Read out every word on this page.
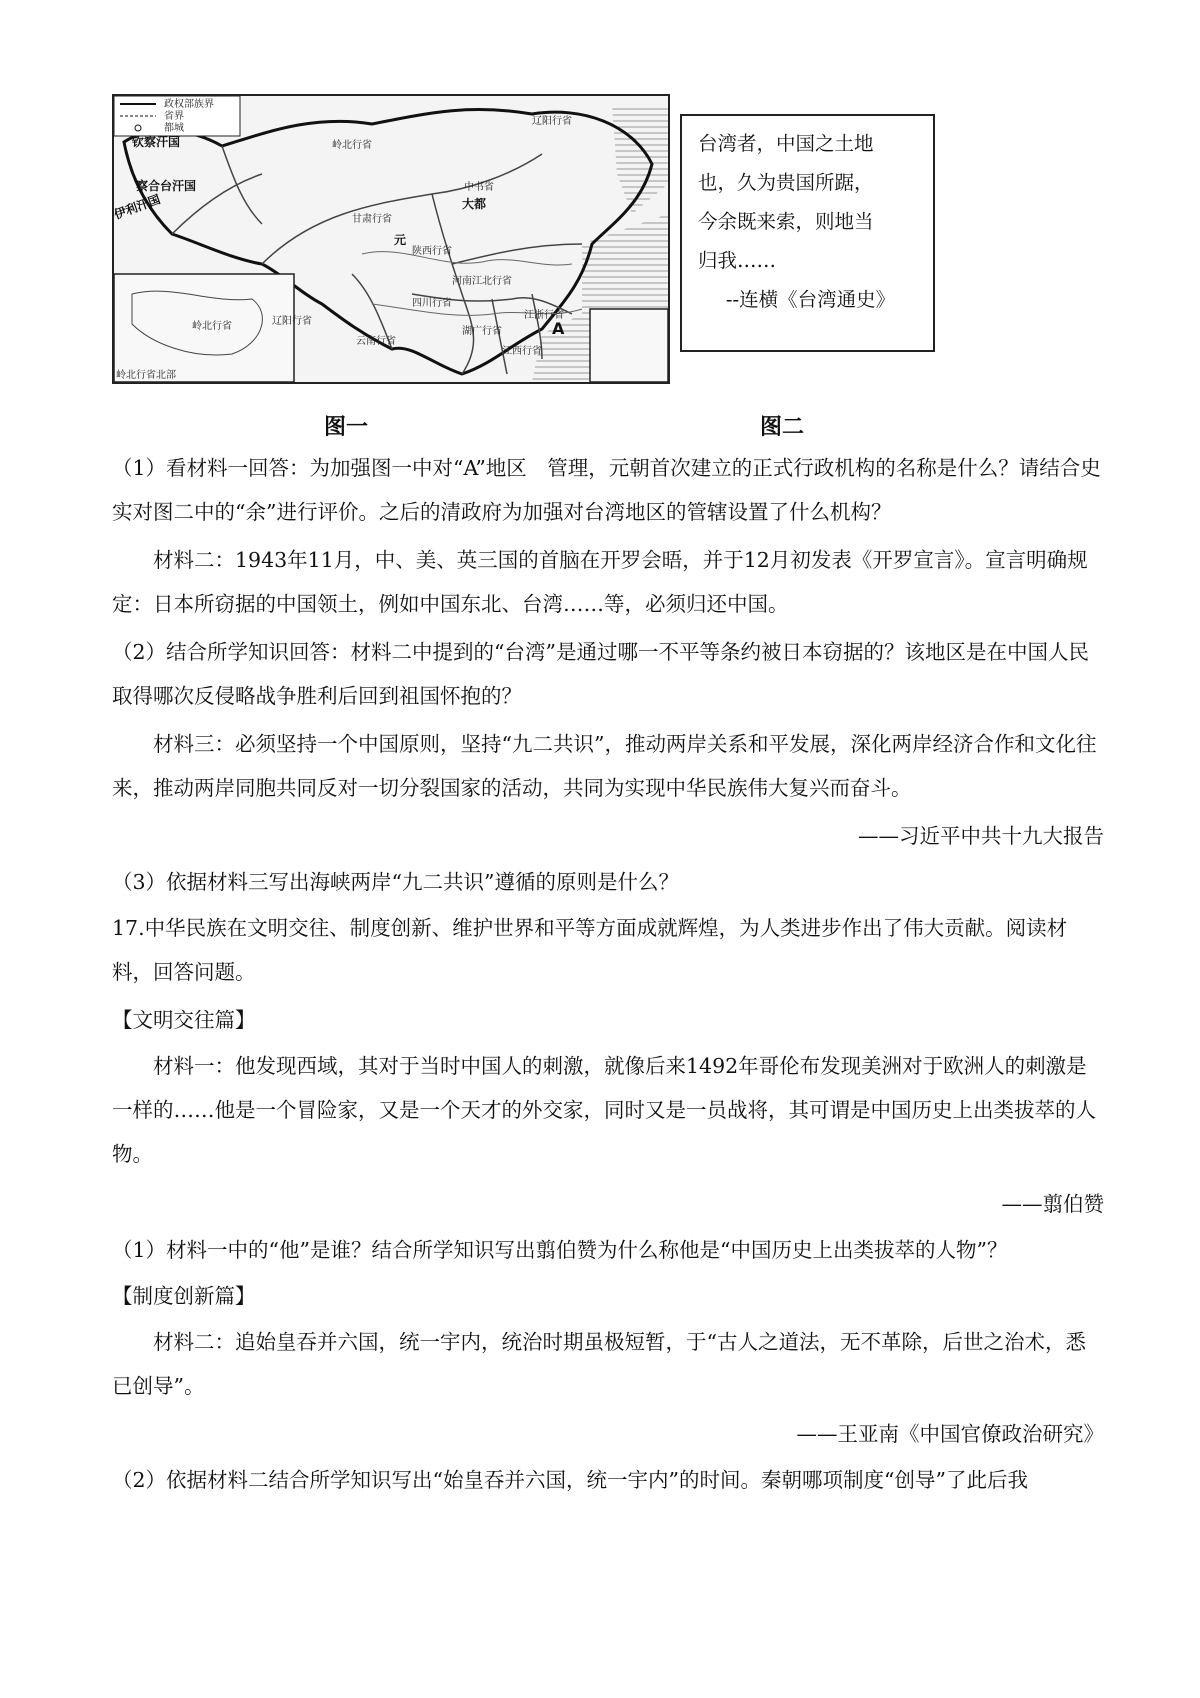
政权部族界
省界
都城
钦察汗国
察合台汗国
伊利汗国
岭北行省
辽阳行省
甘肃行省
元
陕西行省
中书省
大都
河南江北行省
四川行省
湖广行省
江浙行省
江西行省
云南行省
A
岭北行省北部
辽阳行省
岭北行省
台湾者，中国之土地
也，久为贵国所踞，
今余既来索，则地当
归我……
--连横《台湾通史》
图一	图二
（1）看材料一回答：为加强图一中对“A”地区　管理，元朝首次建立的正式行政机构的名称是什么？请结合史实对图二中的“余”进行评价。之后的清政府为加强对台湾地区的管辖设置了什么机构？
材料二：1943年11月，中、美、英三国的首脑在开罗会晤，并于12月初发表《开罗宣言》。宣言明确规定：日本所窃据的中国领土，例如中国东北、台湾……等，必须归还中国。
（2）结合所学知识回答：材料二中提到的“台湾”是通过哪一不平等条约被日本窃据的？该地区是在中国人民取得哪次反侵略战争胜利后回到祖国怀抱的？
材料三：必须坚持一个中国原则，坚持“九二共识”，推动两岸关系和平发展，深化两岸经济合作和文化往来，推动两岸同胞共同反对一切分裂国家的活动，共同为实现中华民族伟大复兴而奋斗。
——习近平中共十九大报告
（3）依据材料三写出海峡两岸“九二共识”遵循的原则是什么？
17.中华民族在文明交往、制度创新、维护世界和平等方面成就辉煌，为人类进步作出了伟大贡献。阅读材料，回答问题。
【文明交往篇】
材料一：他发现西域，其对于当时中国人的刺激，就像后来1492年哥伦布发现美洲对于欧洲人的刺激是一样的……他是一个冒险家，又是一个天才的外交家，同时又是一员战将，其可谓是中国历史上出类拔萃的人物。
——翦伯赞
（1）材料一中的“他”是谁？结合所学知识写出翦伯赞为什么称他是“中国历史上出类拔萃的人物”？
【制度创新篇】
材料二：追始皇吞并六国，统一宇内，统治时期虽极短暂，于“古人之道法，无不革除，后世之治术，悉已创导”。
——王亚南《中国官僚政治研究》
（2）依据材料二结合所学知识写出“始皇吞并六国，统一宇内”的时间。秦朝哪项制度“创导”了此后我
